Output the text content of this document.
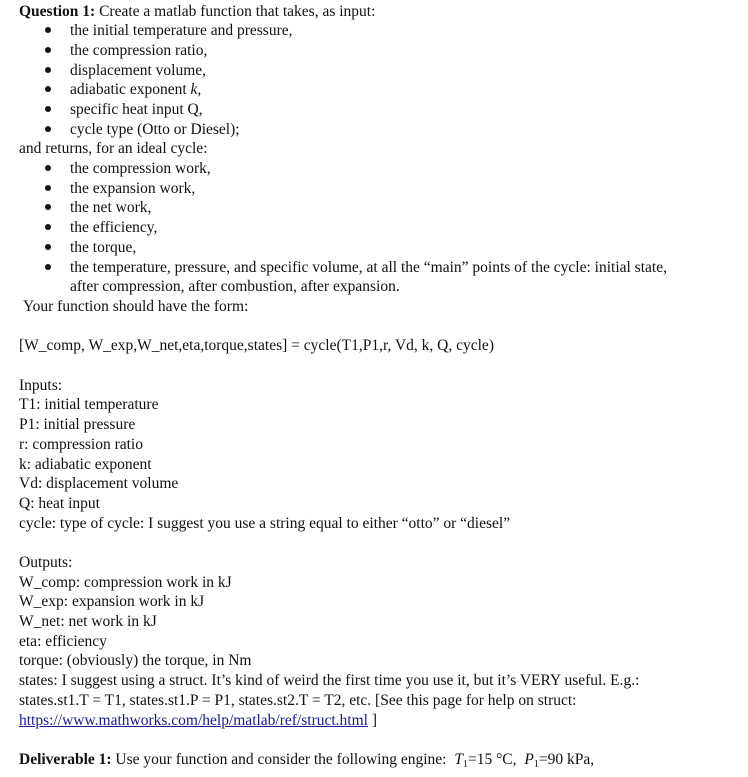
Question 1: Create a matlab function that takes, as input:
the initial temperature and pressure,
the compression ratio,
displacement volume,
adiabatic exponent k,
specific heat input Q,
cycle type (Otto or Diesel);
and returns, for an ideal cycle:
the compression work,
the expansion work,
the net work,
the efficiency,
the torque,
the temperature, pressure, and specific volume, at all the “main” points of the cycle: initial state,
after compression, after combustion, after expansion.
Your function should have the form:
[W_comp, W_exp,W_net,eta,torque,states] = cycle(T1,P1,r, Vd, k, Q, cycle)
Inputs:
T1: initial temperature
P1: initial pressure
r: compression ratio
k: adiabatic exponent
Vd: displacement volume
Q: heat input
cycle: type of cycle: I suggest you use a string equal to either “otto” or “diesel”
Outputs:
W_comp: compression work in kJ
W_exp: expansion work in kJ
W_net: net work in kJ
eta: efficiency
torque: (obviously) the torque, in Nm
states: I suggest using a struct. It’s kind of weird the first time you use it, but it’s VERY useful. E.g.:
states.st1.T = T1, states.st1.P = P1, states.st2.T = T2, etc. [See this page for help on struct:
https://www.mathworks.com/help/matlab/ref/struct.html ]
Deliverable 1: Use your function and consider the following engine: $T_1=15$ °C, $P_1=90$ kPa,
